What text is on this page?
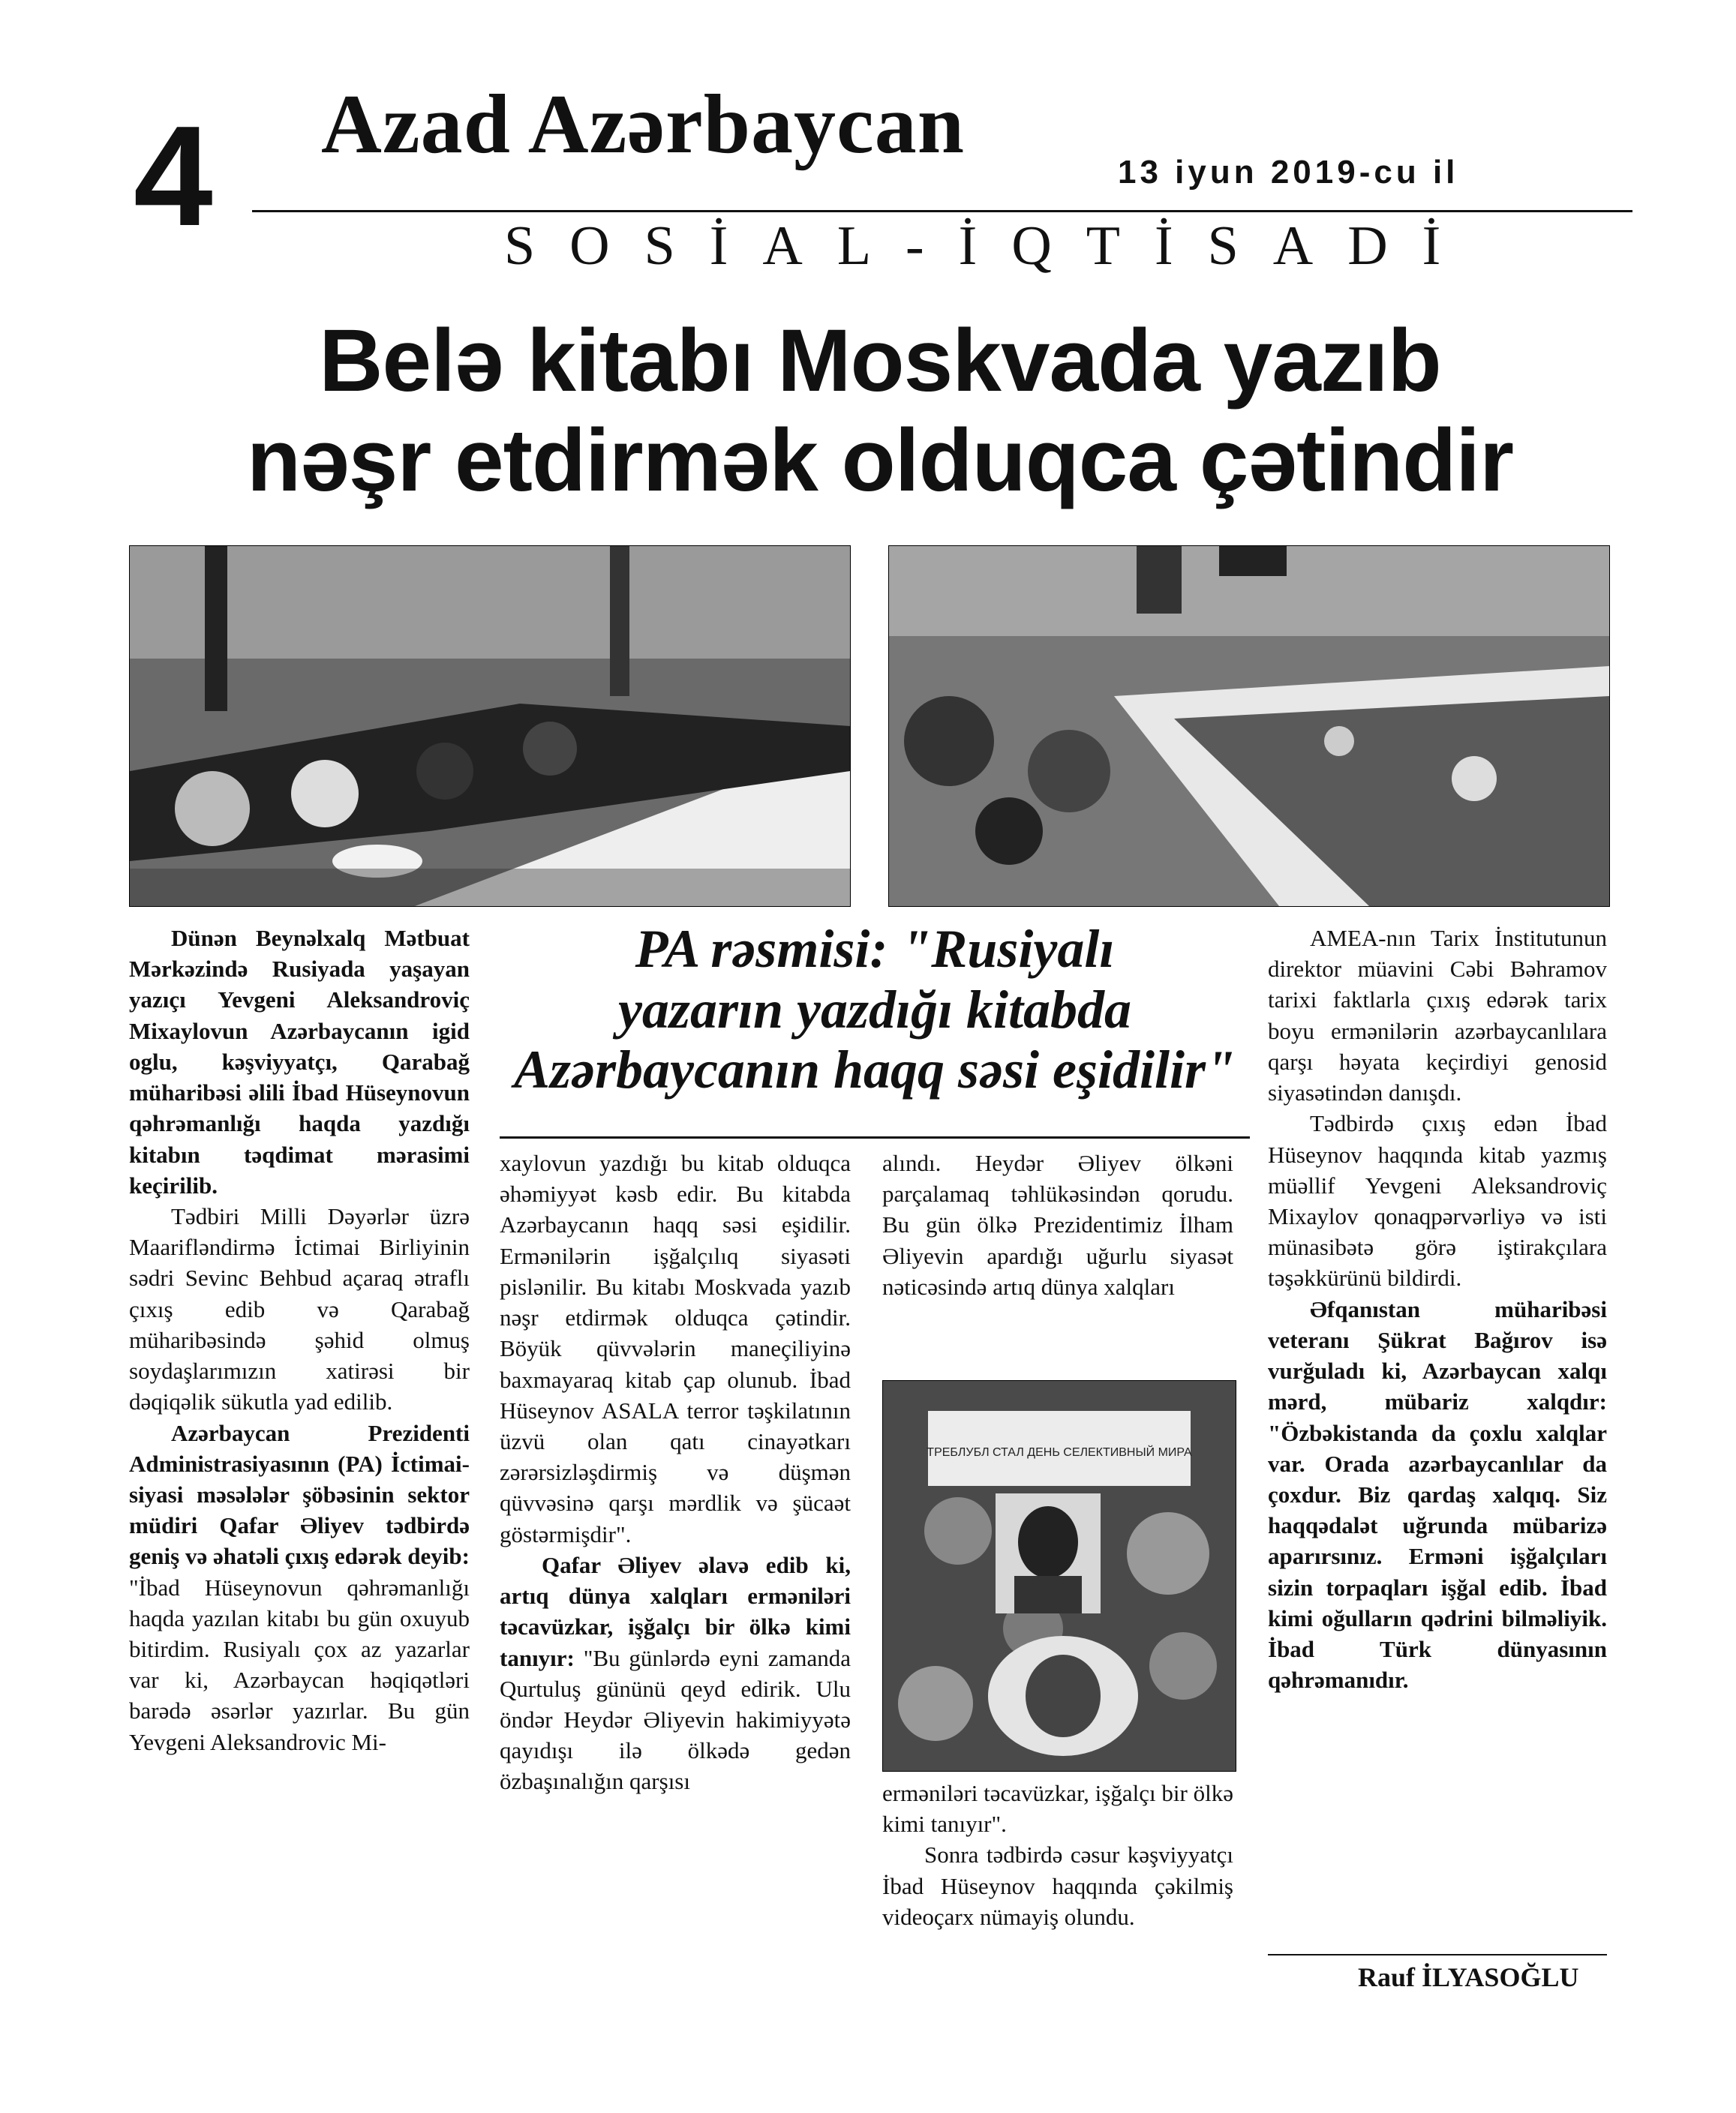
4 Azad Azərbaycan
13 iyun 2019-cu il
SOSİAL-İQTİSADİ
Belə kitabı Moskvada yazıb
nəşr etdirmək olduqca çətindir
PA rəsmisi: "Rusiyalı
yazarın yazdığı kitabda
Azərbaycanın haqq səsi eşidilir"

Dünən Beynəlxalq Mətbuat Mərkəzində Rusiyada yaşayan yazıçı Yevgeni Aleksandroviç Mixaylovun Azərbaycanın igid oglu, kəşviyyatçı, Qarabağ müharibəsi əlili İbad Hüseynovun qəhrəmanlığı haqda yazdığı kitabın təqdimat mərasimi keçirilib.

Tədbiri Milli Dəyərlər üzrə Maarifləndirmə İctimai Birliyinin sədri Sevinc Behbud açaraq ətraflı çıxış edib və Qarabağ müharibəsində şəhid olmuş soydaşlarımızın xatirəsi bir dəqiqəlik sükutla yad edilib.

Azərbaycan Prezidenti Administrasiyasının (PA) İctimai-siyasi məsələlər şöbəsinin sektor müdiri Qafar Əliyev tədbirdə geniş və əhatəli çıxış edərək deyib: "İbad Hüseynovun qəhrəmanlığı haqda yazılan kitabı bu gün oxuyub bitirdim. Rusiyalı çox az yazarlar var ki, Azərbaycan həqiqətləri barədə əsərlər yazırlar. Bu gün Yevgeni Aleksandrovic Mi-

xaylovun yazdığı bu kitab olduqca əhəmiyyət kəsb edir. Bu kitabda Azərbaycanın haqq səsi eşidilir. Ermənilərin işğalçılıq siyasəti pislənilir. Bu kitabı Moskvada yazıb nəşr etdirmək olduqca çətindir. Böyük qüvvələrin maneçiliyinə baxmayaraq kitab çap olunub. İbad Hüseynov ASALA terror təşkilatının üzvü olan qatı cinayətkarı zərərsizləşdirmiş və düşmən qüvvəsinə qarşı mərdlik və şücaət göstərmişdir".

Qafar Əliyev əlavə edib ki, artıq dünya xalqları erməniləri təcavüzkar, işğalçı bir ölkə kimi tanıyır: "Bu günlərdə eyni zamanda Qurtuluş gününü qeyd edirik. Ulu öndər Heydər Əliyevin hakimiyyətə qayıdışı ilə ölkədə gedən özbaşınalığın qarşısı

alındı. Heydər Əliyev ölkəni parçalamaq təhlükəsindən qorudu. Bu gün ölkə Prezidentimiz İlham Əliyevin apardığı uğurlu siyasət nəticəsində artıq dünya xalqları

ТРЕБЛУБЛ СТАЛ ДЕНЬ СЕЛЕКТИВНЫЙ МИРА

erməniləri təcavüzkar, işğalçı bir ölkə kimi tanıyır".

Sonra tədbirdə cəsur kəşviyyatçı İbad Hüseynov haqqında çəkilmiş videoçarx nümayiş olundu.

AMEA-nın Tarix İnstitutunun direktor müavini Cəbi Bəhramov tarixi faktlarla çıxış edərək tarix boyu ermənilərin azərbaycanlılara qarşı həyata keçirdiyi genosid siyasətindən danışdı.

Tədbirdə çıxış edən İbad Hüseynov haqqında kitab yazmış müəllif Yevgeni Aleksandroviç Mixaylov qonaqpərvərliyə və isti münasibətə görə iştirakçılara təşəkkürünü bildirdi.

Əfqanıstan müharibəsi veteranı Şükrat Bağırov isə vurğuladı ki, Azərbaycan xalqı mərd, mübariz xalqdır: "Özbəkistanda da çoxlu xalqlar var. Orada azərbaycanlılar da çoxdur. Biz qardaş xalqıq. Siz haqqədalət uğrunda mübarizə aparırsınız. Erməni işğalçıları sizin torpaqları işğal edib. İbad kimi oğulların qədrini bilməliyik. İbad Türk dünyasının qəhrəmanıdır.

Rauf İLYASOĞLU
